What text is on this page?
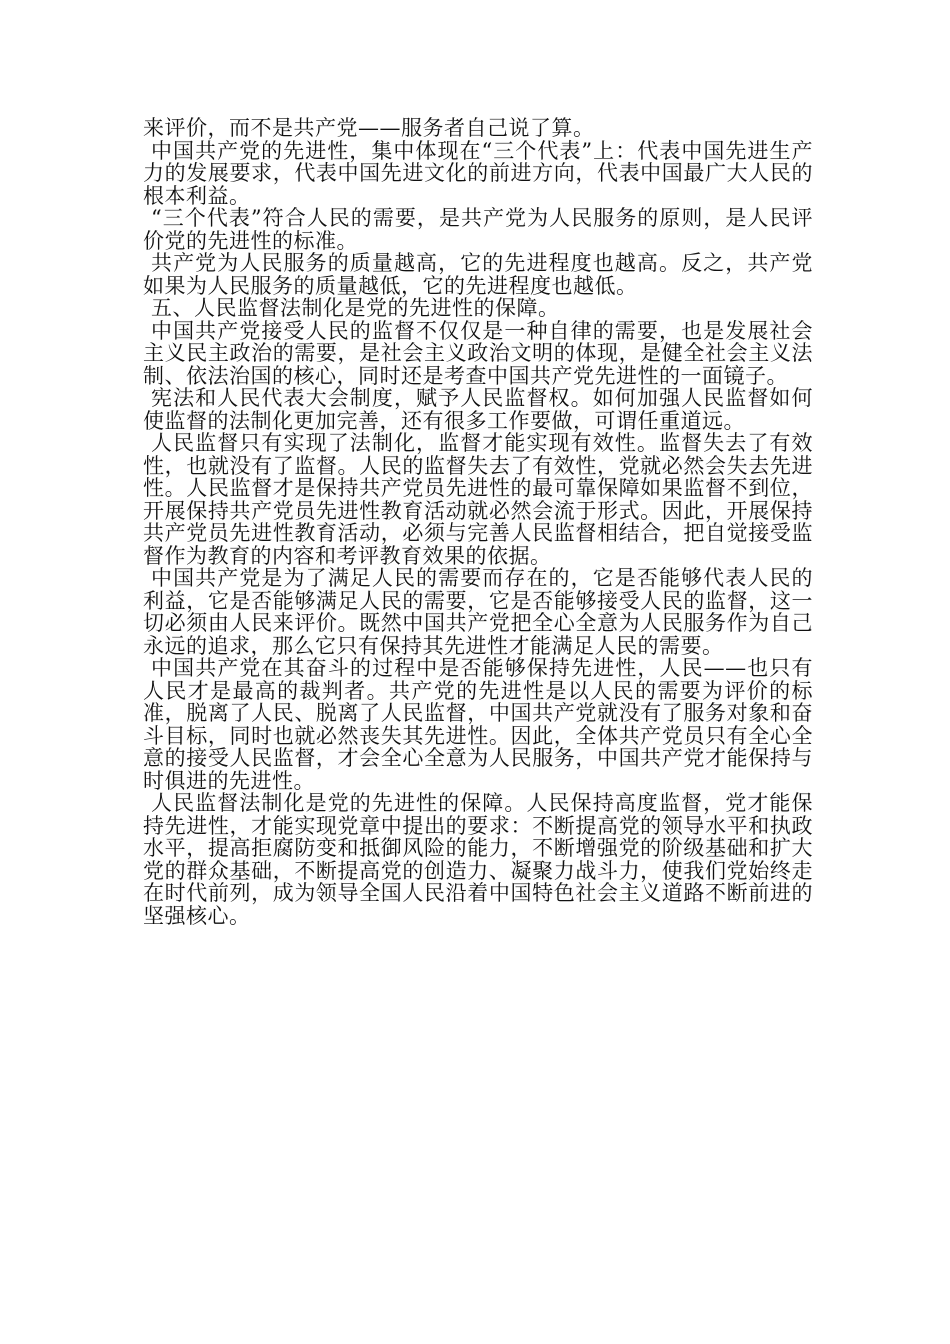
来评价，而不是共产党——服务者自己说了算。

中国共产党的先进性，集中体现在“三个代表”上：代表中国先进生产力的发展要求，代表中国先进文化的前进方向，代表中国最广大人民的根本利益。

“三个代表”符合人民的需要，是共产党为人民服务的原则，是人民评价党的先进性的标准。

共产党为人民服务的质量越高，它的先进程度也越高。反之，共产党如果为人民服务的质量越低，它的先进程度也越低。

五、人民监督法制化是党的先进性的保障。

中国共产党接受人民的监督不仅仅是一种自律的需要，也是发展社会主义民主政治的需要，是社会主义政治文明的体现，是健全社会主义法制、依法治国的核心，同时还是考查中国共产党先进性的一面镜子。

宪法和人民代表大会制度，赋予人民监督权。如何加强人民监督如何使监督的法制化更加完善，还有很多工作要做，可谓任重道远。

人民监督只有实现了法制化，监督才能实现有效性。监督失去了有效性，也就没有了监督。人民的监督失去了有效性，党就必然会失去先进性。人民监督才是保持共产党员先进性的最可靠保障如果监督不到位，开展保持共产党员先进性教育活动就必然会流于形式。因此，开展保持共产党员先进性教育活动，必须与完善人民监督相结合，把自觉接受监督作为教育的内容和考评教育效果的依据。

中国共产党是为了满足人民的需要而存在的，它是否能够代表人民的利益，它是否能够满足人民的需要，它是否能够接受人民的监督，这一切必须由人民来评价。既然中国共产党把全心全意为人民服务作为自己永远的追求，那么它只有保持其先进性才能满足人民的需要。

中国共产党在其奋斗的过程中是否能够保持先进性，人民——也只有人民才是最高的裁判者。共产党的先进性是以人民的需要为评价的标准，脱离了人民、脱离了人民监督，中国共产党就没有了服务对象和奋斗目标，同时也就必然丧失其先进性。因此，全体共产党员只有全心全意的接受人民监督，才会全心全意为人民服务，中国共产党才能保持与时俱进的先进性。

人民监督法制化是党的先进性的保障。人民保持高度监督，党才能保持先进性，才能实现党章中提出的要求：不断提高党的领导水平和执政水平，提高拒腐防变和抵御风险的能力，不断增强党的阶级基础和扩大党的群众基础，不断提高党的创造力、凝聚力战斗力，使我们党始终走在时代前列，成为领导全国人民沿着中国特色社会主义道路不断前进的坚强核心。
